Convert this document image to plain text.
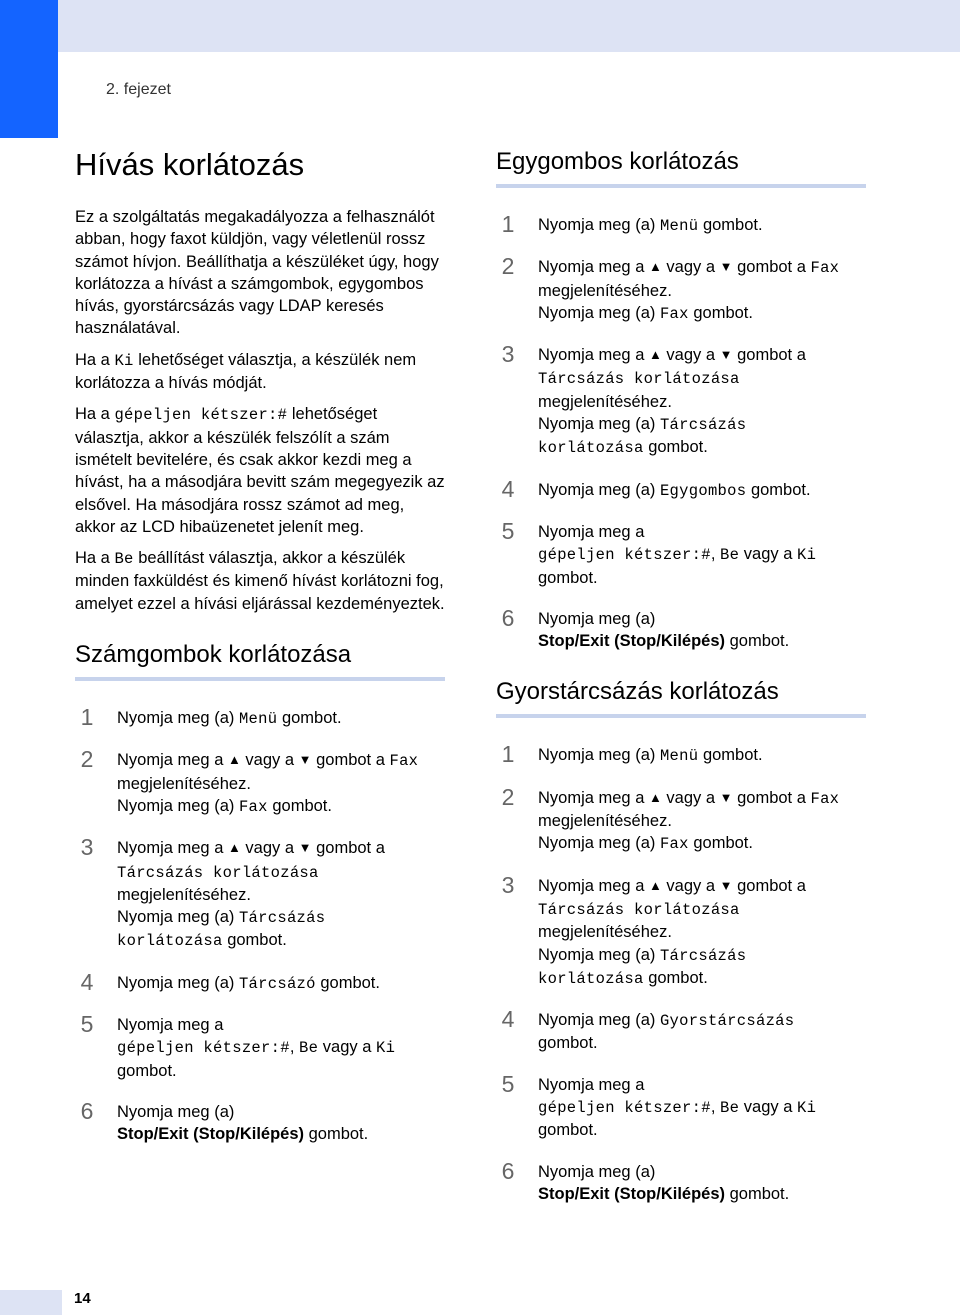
2. fejezet
Hívás korlátozás

Ez a szolgáltatás megakadályozza a felhasználót abban, hogy faxot küldjön, vagy véletlenül rossz számot hívjon. Beállíthatja a készüléket úgy, hogy korlátozza a hívást a számgombok, egygombos hívás, gyorstárcsázás vagy LDAP keresés használatával.

Ha a Ki lehetőséget választja, a készülék nem korlátozza a hívás módját.

Ha a gépeljen kétszer:# lehetőséget választja, akkor a készülék felszólít a szám ismételt bevitelére, és csak akkor kezdi meg a hívást, ha a másodjára bevitt szám megegyezik az elsővel. Ha másodjára rossz számot ad meg, akkor az LCD hibaüzenetet jelenít meg.

Ha a Be beállítást választja, akkor a készülék minden faxküldést és kimenő hívást korlátozni fog, amelyet ezzel a hívási eljárással kezdeményeztek.

Számgombok korlátozása
1	Nyomja meg (a) Menü gombot.
2	Nyomja meg a ▲ vagy a ▼ gombot a Fax
megjelenítéséhez.
Nyomja meg (a) Fax gombot.
3	Nyomja meg a ▲ vagy a ▼ gombot a
Tárcsázás korlátozása
megjelenítéséhez.
Nyomja meg (a) Tárcsázás
korlátozása gombot.
4	Nyomja meg (a) Tárcsázó gombot.
5	Nyomja meg a
gépeljen kétszer:#, Be vagy a Ki
gombot.
6	Nyomja meg (a)
Stop/Exit (Stop/Kilépés) gombot.
Egygombos korlátozás
1	Nyomja meg (a) Menü gombot.
2	Nyomja meg a ▲ vagy a ▼ gombot a Fax
megjelenítéséhez.
Nyomja meg (a) Fax gombot.
3	Nyomja meg a ▲ vagy a ▼ gombot a
Tárcsázás korlátozása
megjelenítéséhez.
Nyomja meg (a) Tárcsázás
korlátozása gombot.
4	Nyomja meg (a) Egygombos gombot.
5	Nyomja meg a
gépeljen kétszer:#, Be vagy a Ki
gombot.
6	Nyomja meg (a)
Stop/Exit (Stop/Kilépés) gombot.
Gyorstárcsázás korlátozás
1	Nyomja meg (a) Menü gombot.
2	Nyomja meg a ▲ vagy a ▼ gombot a Fax
megjelenítéséhez.
Nyomja meg (a) Fax gombot.
3	Nyomja meg a ▲ vagy a ▼ gombot a
Tárcsázás korlátozása
megjelenítéséhez.
Nyomja meg (a) Tárcsázás
korlátozása gombot.
4	Nyomja meg (a) Gyorstárcsázás
gombot.
5	Nyomja meg a
gépeljen kétszer:#, Be vagy a Ki
gombot.
6	Nyomja meg (a)
Stop/Exit (Stop/Kilépés) gombot.
14
